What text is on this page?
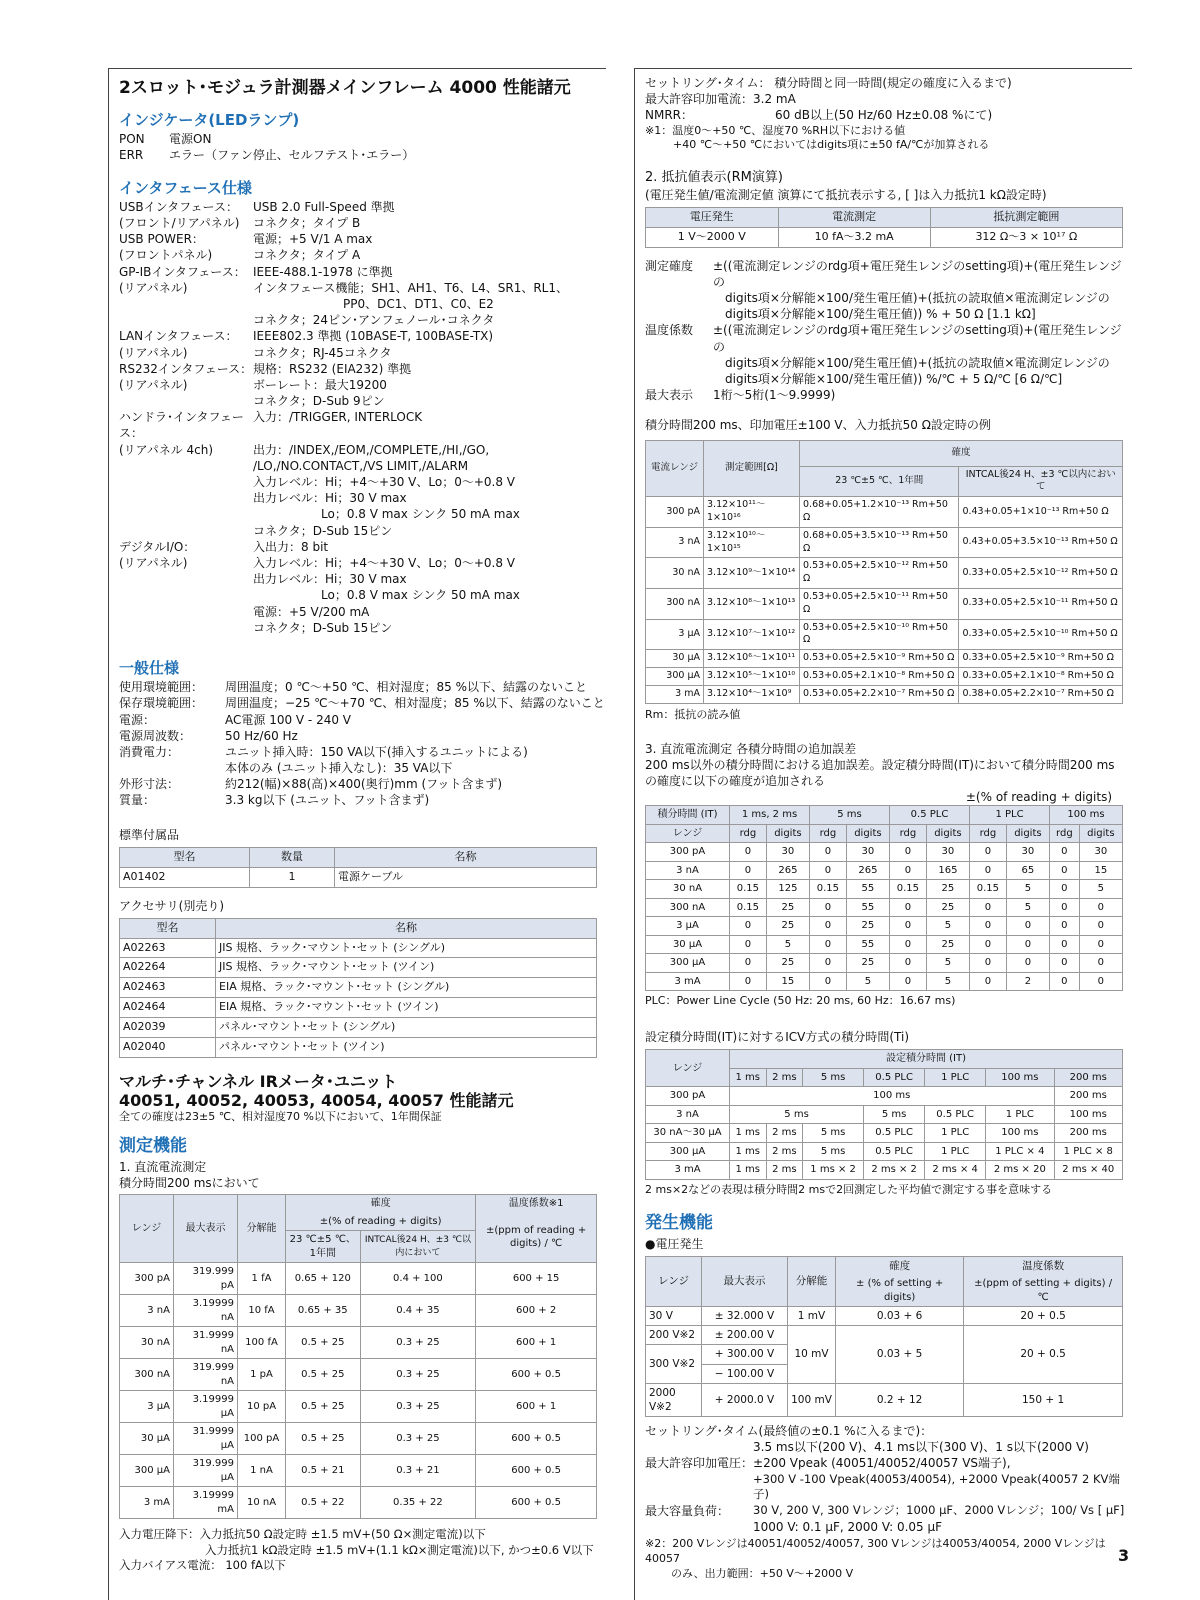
2スロット･モジュラ計測器メインフレーム 4000 性能諸元
インジケータ(LEDランプ)
PON	電源ON
ERR	エラー（ファン停止、セルフテスト･エラー）
インタフェース仕様
USBインタフェース：	USB 2.0 Full-Speed 準拠
(フロント/リアパネル)	コネクタ；タイプ B
USB POWER：	電源；+5 V/1 A max
(フロントパネル)	コネクタ；タイプ A
GP-IBインタフェース： IEEE-488.1-1978 に準拠
(リアパネル)	インタフェース機能；SH1、AH1、T6、L4、SR1、RL1、
PP0、DC1、DT1、C0、E2
コネクタ；24ピン･アンフェノール･コネクタ
LANインタフェース：	IEEE802.3 準拠 (10BASE-T, 100BASE-TX)
(リアパネル)	コネクタ；RJ-45コネクタ
RS232インタフェース： 規格：RS232 (EIA232) 準拠
(リアパネル)	ボーレート：最大19200
コネクタ；D-Sub 9ピン
ハンドラ･インタフェース：
入力：/TRIGGER, INTERLOCK
(リアパネル 4ch)	出力：/INDEX,/EOM,/COMPLETE,/HI,/GO,
/LO,/NO.CONTACT,/VS LIMIT,/ALARM
入力レベル：Hi；+4～+30 V、Lo；0～+0.8 V
出力レベル：Hi；30 V max
Lo；0.8 V max シンク 50 mA max
コネクタ；D-Sub 15ピン
デジタルI/O：	入出力：8 bit
(リアパネル)	入力レベル：Hi；+4～+30 V、Lo；0～+0.8 V
出力レベル：Hi；30 V max
Lo；0.8 V max シンク 50 mA max
電源：+5 V/200 mA
コネクタ；D-Sub 15ピン
一般仕様
使用環境範囲：	周囲温度；0 ℃～+50 ℃、相対湿度；85 %以下、結露のないこと
保存環境範囲：	周囲温度；−25 ℃～+70 ℃、相対湿度；85 %以下、結露のないこと
電源：	AC電源 100 V - 240 V
電源周波数：	50 Hz/60 Hz
消費電力：	ユニット挿入時：150 VA以下(挿入するユニットによる)
本体のみ (ユニット挿入なし)：35 VA以下
外形寸法：	約212(幅)×88(高)×400(奥行)mm (フット含まず)
質量：	3.3 kg以下 (ユニット、フット含まず)
標準付属品
型名	数量	名称
A01402	1	電源ケーブル
アクセサリ(別売り)
型名	名称
A02263	JIS 規格、ラック･マウント･セット (シングル)
A02264	JIS 規格、ラック･マウント･セット (ツイン)
A02463	EIA 規格、ラック･マウント･セット (シングル)
A02464	EIA 規格、ラック･マウント･セット (ツイン)
A02039	パネル･マウント･セット (シングル)
A02040	パネル･マウント･セット (ツイン)
マルチ･チャンネル IRメータ･ユニット
40051, 40052, 40053, 40054, 40057 性能諸元
全ての確度は23±5 ℃、相対湿度70 %以下において、1年間保証
測定機能
1. 直流電流測定
積分時間200 msにおいて
レンジ	最大表示	分解能	確度		温度係数※1
			±(% of reading + digits)		±(ppm of reading + digits) / ℃
			23 ℃±5 ℃、1年間	INTCAL後24 H、±3 ℃以内において	
300 pA	319.999 pA	1 fA	0.65 + 120	0.4 + 100	600 + 15
3 nA	3.19999 nA	10 fA	0.65 + 35	0.4 + 35	600 + 2
30 nA	31.9999 nA	100 fA	0.5 + 25	0.3 + 25	600 + 1
300 nA	319.999 nA	1 pA	0.5 + 25	0.3 + 25	600 + 0.5
3 μA	3.19999 μA	10 pA	0.5 + 25	0.3 + 25	600 + 1
30 μA	31.9999 μA	100 pA	0.5 + 25	0.3 + 25	600 + 0.5
300 μA	319.999 μA	1 nA	0.5 + 21	0.3 + 21	600 + 0.5
3 mA	3.19999 mA	10 nA	0.5 + 22	0.35 + 22	600 + 0.5
入力電圧降下：入力抵抗50 Ω設定時 ±1.5 mV+(50 Ω×測定電流)以下
入力抵抗1 kΩ設定時 ±1.5 mV+(1.1 kΩ×測定電流)以下, かつ±0.6 V以下
入力バイアス電流： 100 fA以下
セットリング･タイム： 積分時間と同一時間(規定の確度に入るまで)
最大許容印加電流：3.2 mA
NMRR：	60 dB以上(50 Hz/60 Hz±0.08 %にて)
※1：温度0～+50 ℃、湿度70 %RH以下における値
+40 ℃～+50 ℃においてはdigits項に±50 fA/℃が加算される
2. 抵抗値表示(RM演算)
(電圧発生値/電流測定値 演算にて抵抗表示する, [ ]は入力抵抗1 kΩ設定時)
電圧発生	電流測定	抵抗測定範囲
1 V～2000 V	10 fA～3.2 mA	312 Ω～3 × 10¹⁷ Ω
測定確度	±((電流測定レンジのrdg項+電圧発生レンジのsetting項)+(電圧発生レンジの
digits項×分解能×100/発生電圧値)+(抵抗の読取値×電流測定レンジの
digits項×分解能×100/発生電圧値)) % + 50 Ω [1.1 kΩ]
温度係数	±((電流測定レンジのrdg項+電圧発生レンジのsetting項)+(電圧発生レンジの
digits項×分解能×100/発生電圧値)+(抵抗の読取値×電流測定レンジの
digits項×分解能×100/発生電圧値)) %/℃ + 5 Ω/℃ [6 Ω/℃]
最大表示	1桁～5桁(1～9.9999)
積分時間200 ms、印加電圧±100 V、入力抵抗50 Ω設定時の例
電流レンジ	測定範囲[Ω]	確度	
		23 ℃±5 ℃、1年間	INTCAL後24 H、±3 ℃以内において
300 pA	3.12×10¹¹～1×10¹⁶	0.68+0.05+1.2×10⁻¹³ Rm+50 Ω	0.43+0.05+1×10⁻¹³ Rm+50 Ω
3 nA	3.12×10¹⁰～1×10¹⁵	0.68+0.05+3.5×10⁻¹³ Rm+50 Ω	0.43+0.05+3.5×10⁻¹³ Rm+50 Ω
30 nA	3.12×10⁹～1×10¹⁴	0.53+0.05+2.5×10⁻¹² Rm+50 Ω	0.33+0.05+2.5×10⁻¹² Rm+50 Ω
300 nA	3.12×10⁸～1×10¹³	0.53+0.05+2.5×10⁻¹¹ Rm+50 Ω	0.33+0.05+2.5×10⁻¹¹ Rm+50 Ω
3 μA	3.12×10⁷～1×10¹²	0.53+0.05+2.5×10⁻¹⁰ Rm+50 Ω	0.33+0.05+2.5×10⁻¹⁰ Rm+50 Ω
30 μA	3.12×10⁶～1×10¹¹	0.53+0.05+2.5×10⁻⁹ Rm+50 Ω	0.33+0.05+2.5×10⁻⁹ Rm+50 Ω
300 μA	3.12×10⁵～1×10¹⁰	0.53+0.05+2.1×10⁻⁸ Rm+50 Ω	0.33+0.05+2.1×10⁻⁸ Rm+50 Ω
3 mA	3.12×10⁴～1×10⁹	0.53+0.05+2.2×10⁻⁷ Rm+50 Ω	0.38+0.05+2.2×10⁻⁷ Rm+50 Ω
Rm：抵抗の読み値
3. 直流電流測定 各積分時間の追加誤差
200 ms以外の積分時間における追加誤差。設定積分時間(IT)において積分時間200 ms
の確度に以下の確度が追加される
±(% of reading + digits)
積分時間 (IT)	1 ms, 2 ms		5 ms		0.5 PLC		1 PLC		100 ms	
レンジ	rdg	digits	rdg	digits	rdg	digits	rdg	digits	rdg	digits
300 pA	0	30	0	30	0	30	0	30	0	30
3 nA	0	265	0	265	0	165	0	65	0	15
30 nA	0.15	125	0.15	55	0.15	25	0.15	5	0	5
300 nA	0.15	25	0	55	0	25	0	5	0	0
3 μA	0	25	0	25	0	5	0	0	0	0
30 μA	0	5	0	55	0	25	0	0	0	0
300 μA	0	25	0	25	0	5	0	0	0	0
3 mA	0	15	0	5	0	5	0	2	0	0
PLC：Power Line Cycle (50 Hz: 20 ms, 60 Hz：16.67 ms)
設定積分時間(IT)に対するICV方式の積分時間(Ti)
レンジ	設定積分時間 (IT)						
	1 ms	2 ms	5 ms	0.5 PLC	1 PLC	100 ms	200 ms
300 pA	100 ms						200 ms
3 nA	5 ms			5 ms	0.5 PLC	1 PLC	100 ms
30 nA～30 μA	1 ms	2 ms	5 ms	0.5 PLC	1 PLC	100 ms	200 ms
300 μA	1 ms	2 ms	5 ms	0.5 PLC	1 PLC	1 PLC × 4	1 PLC × 8
3 mA	1 ms	2 ms	1 ms × 2	2 ms × 2	2 ms × 4	2 ms × 20	2 ms × 40
2 ms×2などの表現は積分時間2 msで2回測定した平均値で測定する事を意味する
発生機能
●電圧発生
レンジ	最大表示	分解能	確度	温度係数
			± (% of setting + digits)	±(ppm of setting + digits) / ℃
30 V	± 32.000 V	1 mV	0.03 + 6	20 + 0.5
200 V※2	± 200.00 V	10 mV	0.03 + 5	20 + 0.5
300 V※2	+ 300.00 V			
	− 100.00 V			
2000 V※2	+ 2000.0 V	100 mV	0.2 + 12	150 + 1
セットリング･タイム(最終値の±0.1 %に入るまで)：
3.5 ms以下(200 V)、4.1 ms以下(300 V)、1 s以下(2000 V)
最大許容印加電圧： ±200 Vpeak (40051/40052/40057 VS端子),
+300 V -100 Vpeak(40053/40054), +2000 Vpeak(40057 2 KV端子)
最大容量負荷：	30 V, 200 V, 300 Vレンジ；1000 μF、2000 Vレンジ；100/ Vs [ μF]
1000 V: 0.1 μF, 2000 V: 0.05 μF
※2：200 Vレンジは40051/40052/40057, 300 Vレンジは40053/40054, 2000 Vレンジは40057
のみ、出力範囲：+50 V～+2000 V
3
